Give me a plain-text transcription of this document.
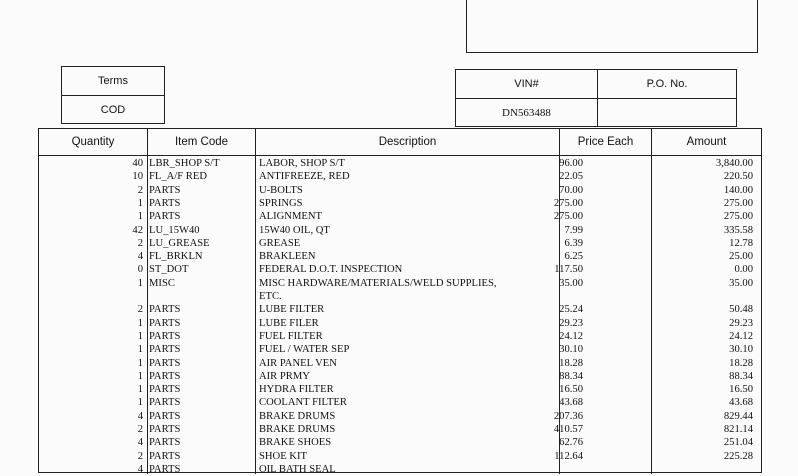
Terms
COD
VIN#	P.O. No.
DN563488
Quantity	Item Code	Description	Price Each	Amount
40 LBR_SHOP S/T	LABOR, SHOP S/T	96.00	3,840.00
10 FL_A/F RED	ANTIFREEZE, RED	22.05	220.50
2 PARTS	U-BOLTS	70.00	140.00
1 PARTS	SPRINGS	275.00	275.00
1 PARTS	ALIGNMENT	275.00	275.00
42 LU_15W40	15W40 OIL, QT	7.99	335.58
2 LU_GREASE	GREASE	6.39	12.78
4 FL_BRKLN	BRAKLEEN	6.25	25.00
0 ST_DOT	FEDERAL D.O.T. INSPECTION	117.50	0.00
1 MISC	MISC HARDWARE/MATERIALS/WELD SUPPLIES,	35.00	35.00
ETC.
2 PARTS	LUBE FILTER	25.24	50.48
1 PARTS	LUBE FILER	29.23	29.23
1 PARTS	FUEL FILTER	24.12	24.12
1 PARTS	FUEL / WATER SEP	30.10	30.10
1 PARTS	AIR PANEL VEN	18.28	18.28
1 PARTS	AIR PRMY	88.34	88.34
1 PARTS	HYDRA FILTER	16.50	16.50
1 PARTS	COOLANT FILTER	43.68	43.68
4 PARTS	BRAKE DRUMS	207.36	829.44
2 PARTS	BRAKE DRUMS	410.57	821.14
4 PARTS	BRAKE SHOES	62.76	251.04
2 PARTS	SHOE KIT	112.64	225.28
4 PARTS	OIL BATH SEAL
